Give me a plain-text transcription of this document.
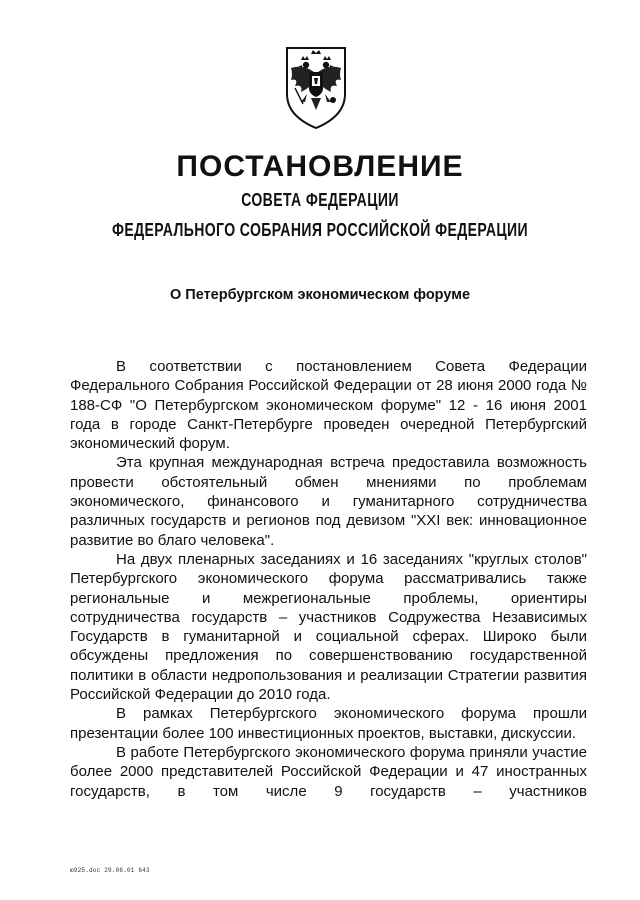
ПОСТАНОВЛЕНИЕ

СОВЕТА ФЕДЕРАЦИИ

ФЕДЕРАЛЬНОГО СОБРАНИЯ РОССИЙСКОЙ ФЕДЕРАЦИИ

О Петербургском экономическом форуме

В соответствии с постановлением Совета Федерации Федерального Собрания Российской Федерации от 28 июня 2000 года № 188-СФ "О Петербургском экономическом форуме" 12 - 16 июня 2001 года в городе Санкт-Петербурге проведен очередной Петербургский экономический форум.

Эта крупная международная встреча предоставила возможность провести обстоятельный обмен мнениями по проблемам экономического, финансового и гуманитарного сотрудничества различных государств и регионов под девизом "XXI век: инновационное развитие во благо человека".

На двух пленарных заседаниях и 16 заседаниях "круглых столов" Петербургского экономического форума рассматривались также региональные и межрегиональные проблемы, ориентиры сотрудничества государств – участников Содружества Независимых Государств в гуманитарной и социальной сферах. Широко были обсуждены предложения по совершенствованию государственной политики в области недропользования и реализации Стратегии развития Российской Федерации до 2010 года.

В рамках Петербургского экономического форума прошли презентации более 100 инвестиционных проектов, выставки, дискуссии.

В работе Петербургского экономического форума приняли участие более 2000 представителей Российской Федерации и 47 иностранных государств, в том числе 9 государств – участников

ю925.doc 29.06.01 643
